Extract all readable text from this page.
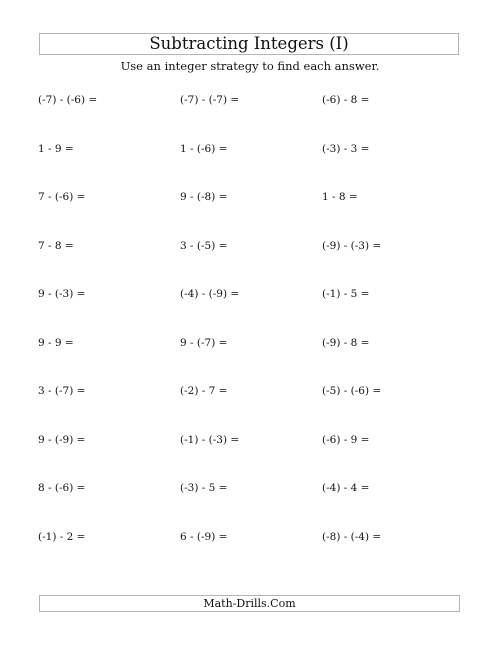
Subtracting Integers (I)
Use an integer strategy to find each answer.
(-7) - (-6) =	(-7) - (-7) =	(-6) - 8 =
1 - 9 =	1 - (-6) =	(-3) - 3 =
7 - (-6) =	9 - (-8) =	1 - 8 =
7 - 8 =	3 - (-5) =	(-9) - (-3) =
9 - (-3) =	(-4) - (-9) =	(-1) - 5 =
9 - 9 =	9 - (-7) =	(-9) - 8 =
3 - (-7) =	(-2) - 7 =	(-5) - (-6) =
9 - (-9) =	(-1) - (-3) =	(-6) - 9 =
8 - (-6) =	(-3) - 5 =	(-4) - 4 =
(-1) - 2 =	6 - (-9) =	(-8) - (-4) =
Math-Drills.Com
